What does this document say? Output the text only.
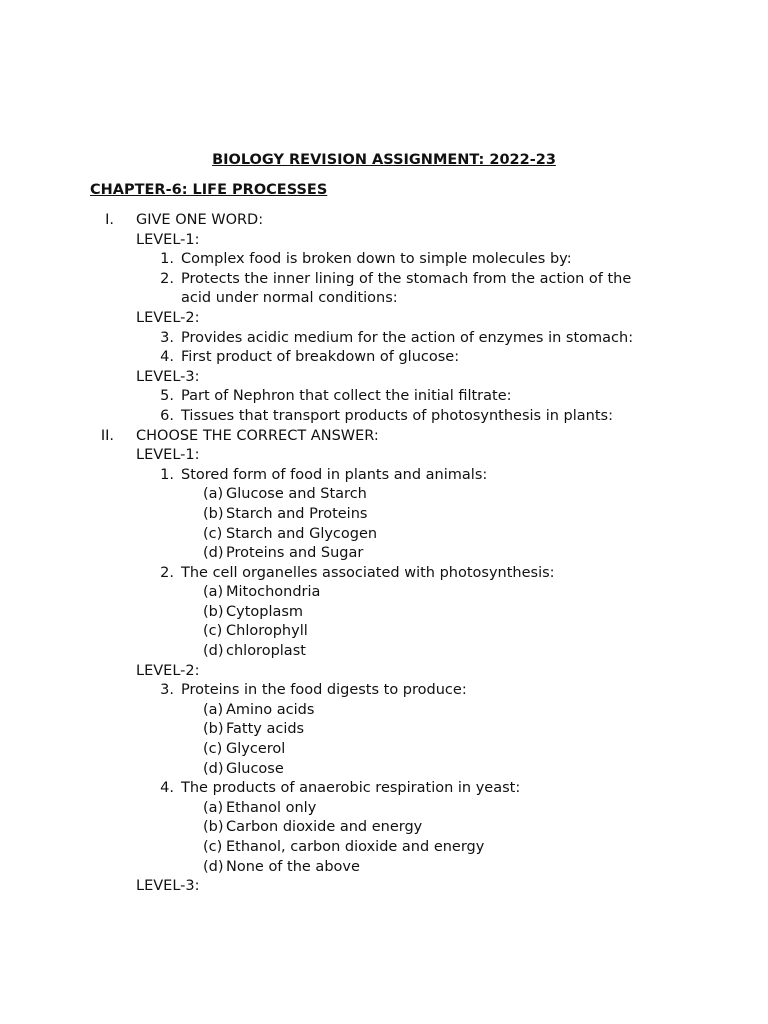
BIOLOGY REVISION ASSIGNMENT: 2022-23
CHAPTER-6: LIFE PROCESSES
I. GIVE ONE WORD:
LEVEL-1:
1. Complex food is broken down to simple molecules by:
2. Protects the inner lining of the stomach from the action of the acid under normal conditions:
LEVEL-2:
3. Provides acidic medium for the action of enzymes in stomach:
4. First product of breakdown of glucose:
LEVEL-3:
5. Part of Nephron that collect the initial filtrate:
6. Tissues that transport products of photosynthesis in plants:
II. CHOOSE THE CORRECT ANSWER:
LEVEL-1:
1. Stored form of food in plants and animals:
(a) Glucose and Starch
(b) Starch and Proteins
(c) Starch and Glycogen
(d) Proteins and Sugar
2. The cell organelles associated with photosynthesis:
(a) Mitochondria
(b) Cytoplasm
(c) Chlorophyll
(d) chloroplast
LEVEL-2:
3. Proteins in the food digests to produce:
(a) Amino acids
(b) Fatty acids
(c) Glycerol
(d) Glucose
4. The products of anaerobic respiration in yeast:
(a) Ethanol only
(b) Carbon dioxide and energy
(c) Ethanol, carbon dioxide and energy
(d) None of the above
LEVEL-3:
